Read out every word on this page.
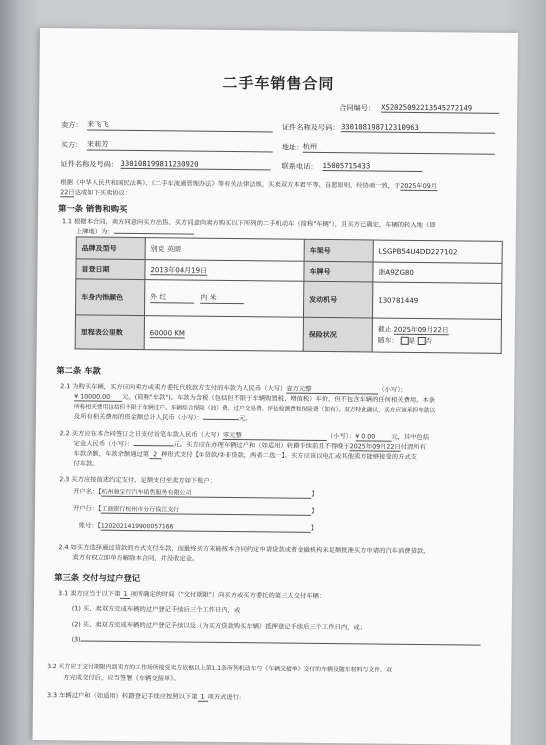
二手车销售合同
合同编号： XS2025092213545272149
卖方： 来飞飞	证件名称及号码： 330108198712310963
买方： 来莉芳	地址： 杭州
证件名称及号码： 330108199811230920	联系电话： 15005715433
根据《中华人民共和国民法典》、《二手车流通管理办法》等有关法律法规，买卖双方本着平等、自愿原则，经协商一致，于2025年09月
22日达成如下买卖协议：
第一条 销售和购买
1.1 根据本合同，卖方同意向买方出售、买方同意向卖方购买以下所列的二手机动车（简称"车辆"），且买方已确定，车辆的转入地（即
上牌地）为：
品牌及型号	别克 英朗	车架号	LSGPB54U4DD227102
首登日期	2013年04月19日	车牌号	浙A9ZG80
车身内饰颜色	外 红 内 米	发动机号	130781449
里程表公里数	60000 KM	保险状况	截止 2025年09月22日
随车： 是 否
第二条 车款
2.1 为购买车辆，买方应向卖方或卖方委托代收款方支付的车款为人民币（大写）壹万元整	（小写）：
¥ 10000.00 元。(简称"车款")。车款为含税（包括但不限于车辆购置税、增值税）车价，但不包含车辆的任何相关费用。本条
所称相关费用包括但不限于车辆过户、车辆综合保险（油）费、过户交易费、评估检测费和保险费（如有）。双方特此确认，买方应该承担车款以
及所有相关费用的资金额总计人民币（小写）：	元。
2.2 买方应在本合同签订之日支付首笔车款人民币（大写）零元整	（小写）：¥ 0.00	元，其中包括
定金人民币（小写）：	元。买方应在办理车辆过户和（如适用）转籍手续前且不得晚于2025年09月22日付清所有
车款余额，车款余额通过第 2 种形式支付【①贷款/②非贷款，两者二选一】。买方应该以电汇或其他卖方能够接受的方式支
付车款。
2.3 买方应按前述约定支付、足额支付至卖方如下账户：
开户名：【杭州骏宝行汽车销售服务有限公司	】
开户行：【工商银行杭州市分行钱江支行	】
账号：【1202021419900057166	】
2.4 如买方选择通过贷款的方式支付车款，而最终买方未能按本合同约定申请贷款或者金融机构未足额批准买方申请的汽车消费贷款，
卖方有权立即单方解除本合同，并没收定金。
第三条 交付与过户登记
3.1 卖方应当于以下第 1 项所确定的时间（"交付期限"）向买方或买方委托的第三人交付车辆：
(1) 买、卖双方完成车辆的过户登记手续后三个工作日内，或
(2) 买、卖双方完成车辆的过户登记手续以及（为买方贷款购买车辆）抵押登记手续后三个工作日内，或；
(3)
3.2 买方应于交付期限内到卖方的工作场所接受卖方依据以上第1.1条所列机动车与《车辆交接单》交付的车辆及随车材料与文件。双
方完成交付后，应当签署《车辆交接单》。
3.3 车辆过户和（如适用）转籍登记手续应按照以下第 1 项方式进行:
